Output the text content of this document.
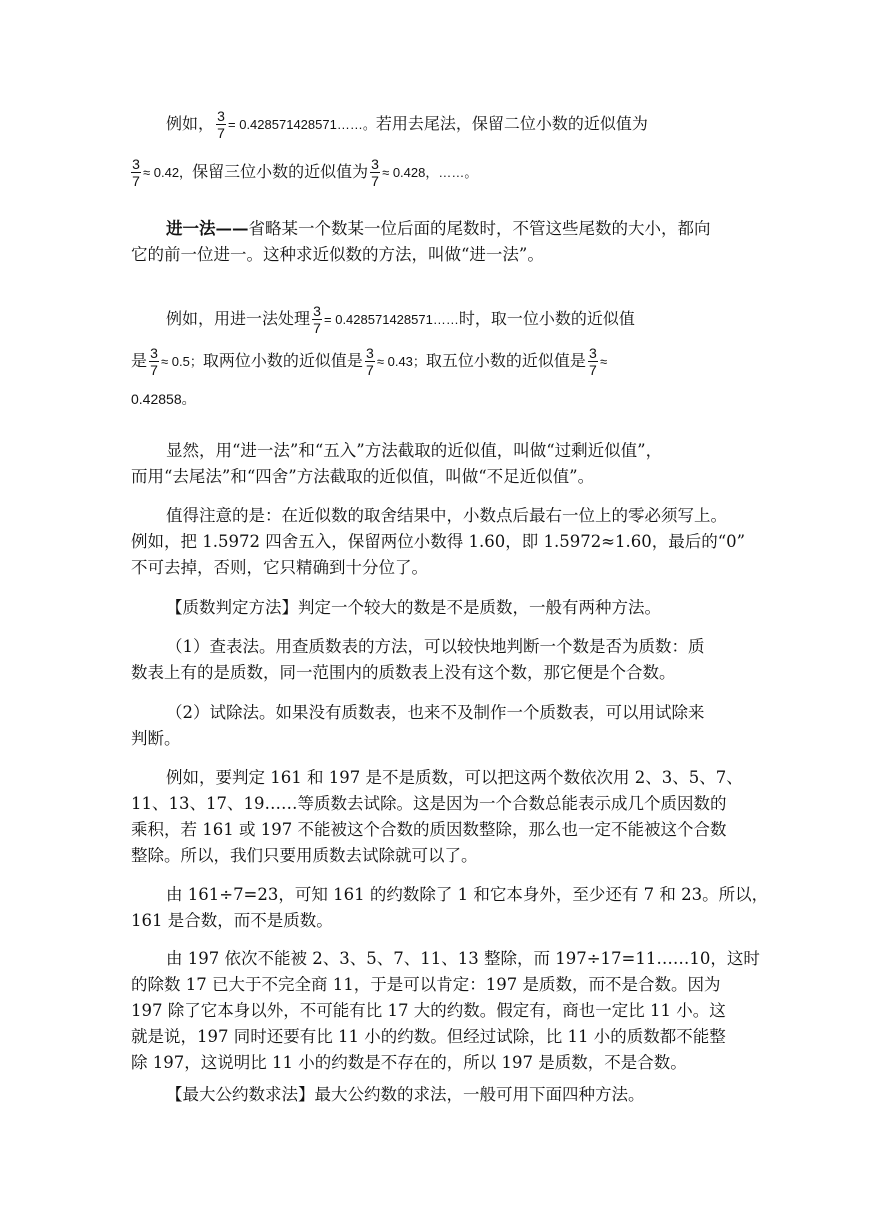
例如， $\frac{3}{7}$ = 0.428571428571……。若用去尾法，保留二位小数的近似值为
$\frac{3}{7} \approx 0.42$，保留三位小数的近似值为 $\frac{3}{7} \approx 0.428$，……。
进一法——省略某一个数某一位后面的尾数时，不管这些尾数的大小，都向
它的前一位进一。这种求近似数的方法，叫做“进一法”。
例如，用进一法处理 $\frac{3}{7}$ = 0.428571428571……时，取一位小数的近似值
是 $\frac{3}{7} \approx 0.5$；取两位小数的近似值是 $\frac{3}{7} \approx 0.43$；取五位小数的近似值是 $\frac{3}{7}$ ≈
0.42858。
显然，用“进一法”和“五入”方法截取的近似值，叫做“过剩近似值”，
而用“去尾法”和“四舍”方法截取的近似值，叫做“不足近似值”。
值得注意的是：在近似数的取舍结果中，小数点后最右一位上的零必须写上。
例如，把 1.5972 四舍五入，保留两位小数得 1.60，即 1.5972≈1.60，最后的“0”
不可去掉，否则，它只精确到十分位了。
【质数判定方法】判定一个较大的数是不是质数，一般有两种方法。
（1）查表法。用查质数表的方法，可以较快地判断一个数是否为质数：质
数表上有的是质数，同一范围内的质数表上没有这个数，那它便是个合数。
（2）试除法。如果没有质数表，也来不及制作一个质数表，可以用试除来
判断。
例如，要判定 161 和 197 是不是质数，可以把这两个数依次用 2、3、5、7、
11、13、17、19……等质数去试除。这是因为一个合数总能表示成几个质因数的
乘积，若 161 或 197 不能被这个合数的质因数整除，那么也一定不能被这个合数
整除。所以，我们只要用质数去试除就可以了。
由 161÷7=23，可知 161 的约数除了 1 和它本身外，至少还有 7 和 23。所以，
161 是合数，而不是质数。
由 197 依次不能被 2、3、5、7、11、13 整除，而 197÷17=11……10，这时
的除数 17 已大于不完全商 11，于是可以肯定：197 是质数，而不是合数。因为
197 除了它本身以外，不可能有比 17 大的约数。假定有，商也一定比 11 小。这
就是说，197 同时还要有比 11 小的约数。但经过试除，比 11 小的质数都不能整
除 197，这说明比 11 小的约数是不存在的，所以 197 是质数，不是合数。
【最大公约数求法】最大公约数的求法，一般可用下面四种方法。
